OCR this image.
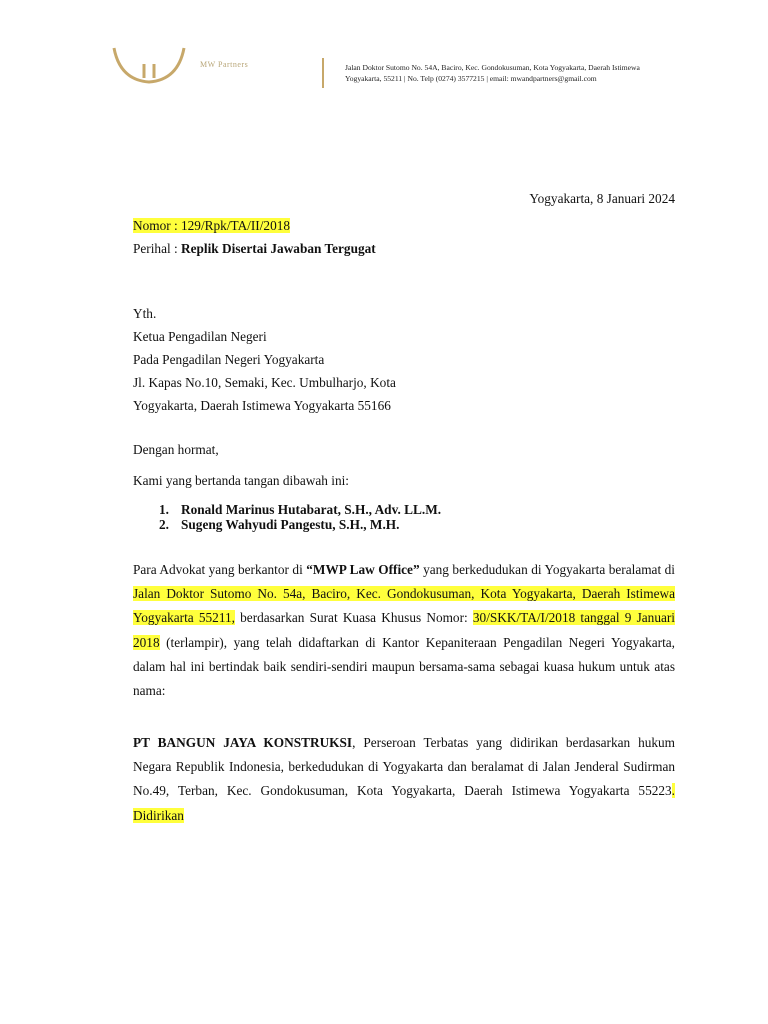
MW Partners	Jalan Doktor Sutomo No. 54A, Baciro, Kec. Gondokusuman, Kota Yogyakarta, Daerah Istimewa
Yogyakarta, 55211 | No. Telp (0274) 3577215 | email: mwandpartners@gmail.com
Yogyakarta, 8 Januari 2024
Nomor : 129/Rpk/TA/II/2018
Perihal : Replik Disertai Jawaban Tergugat
Yth.
Ketua Pengadilan Negeri
Pada Pengadilan Negeri Yogyakarta
Jl. Kapas No.10, Semaki, Kec. Umbulharjo, Kota
Yogyakarta, Daerah Istimewa Yogyakarta 55166
Dengan hormat,
Kami yang bertanda tangan dibawah ini:
1. Ronald Marinus Hutabarat, S.H., Adv. LL.M.
2. Sugeng Wahyudi Pangestu, S.H., M.H.
Para Advokat yang berkantor di “MWP Law Office” yang berkedudukan di Yogyakarta beralamat di Jalan Doktor Sutomo No. 54a, Baciro, Kec. Gondokusuman, Kota Yogyakarta, Daerah Istimewa Yogyakarta 55211, berdasarkan Surat Kuasa Khusus Nomor: 30/SKK/TA/I/2018 tanggal 9 Januari 2018 (terlampir), yang telah didaftarkan di Kantor Kepaniteraan Pengadilan Negeri Yogyakarta, dalam hal ini bertindak baik sendiri-sendiri maupun bersama-sama sebagai kuasa hukum untuk atas nama:
PT BANGUN JAYA KONSTRUKSI, Perseroan Terbatas yang didirikan berdasarkan hukum Negara Republik Indonesia, berkedudukan di Yogyakarta dan beralamat di Jalan Jenderal Sudirman No.49, Terban, Kec. Gondokusuman, Kota Yogyakarta, Daerah Istimewa Yogyakarta 55223. Didirikan
